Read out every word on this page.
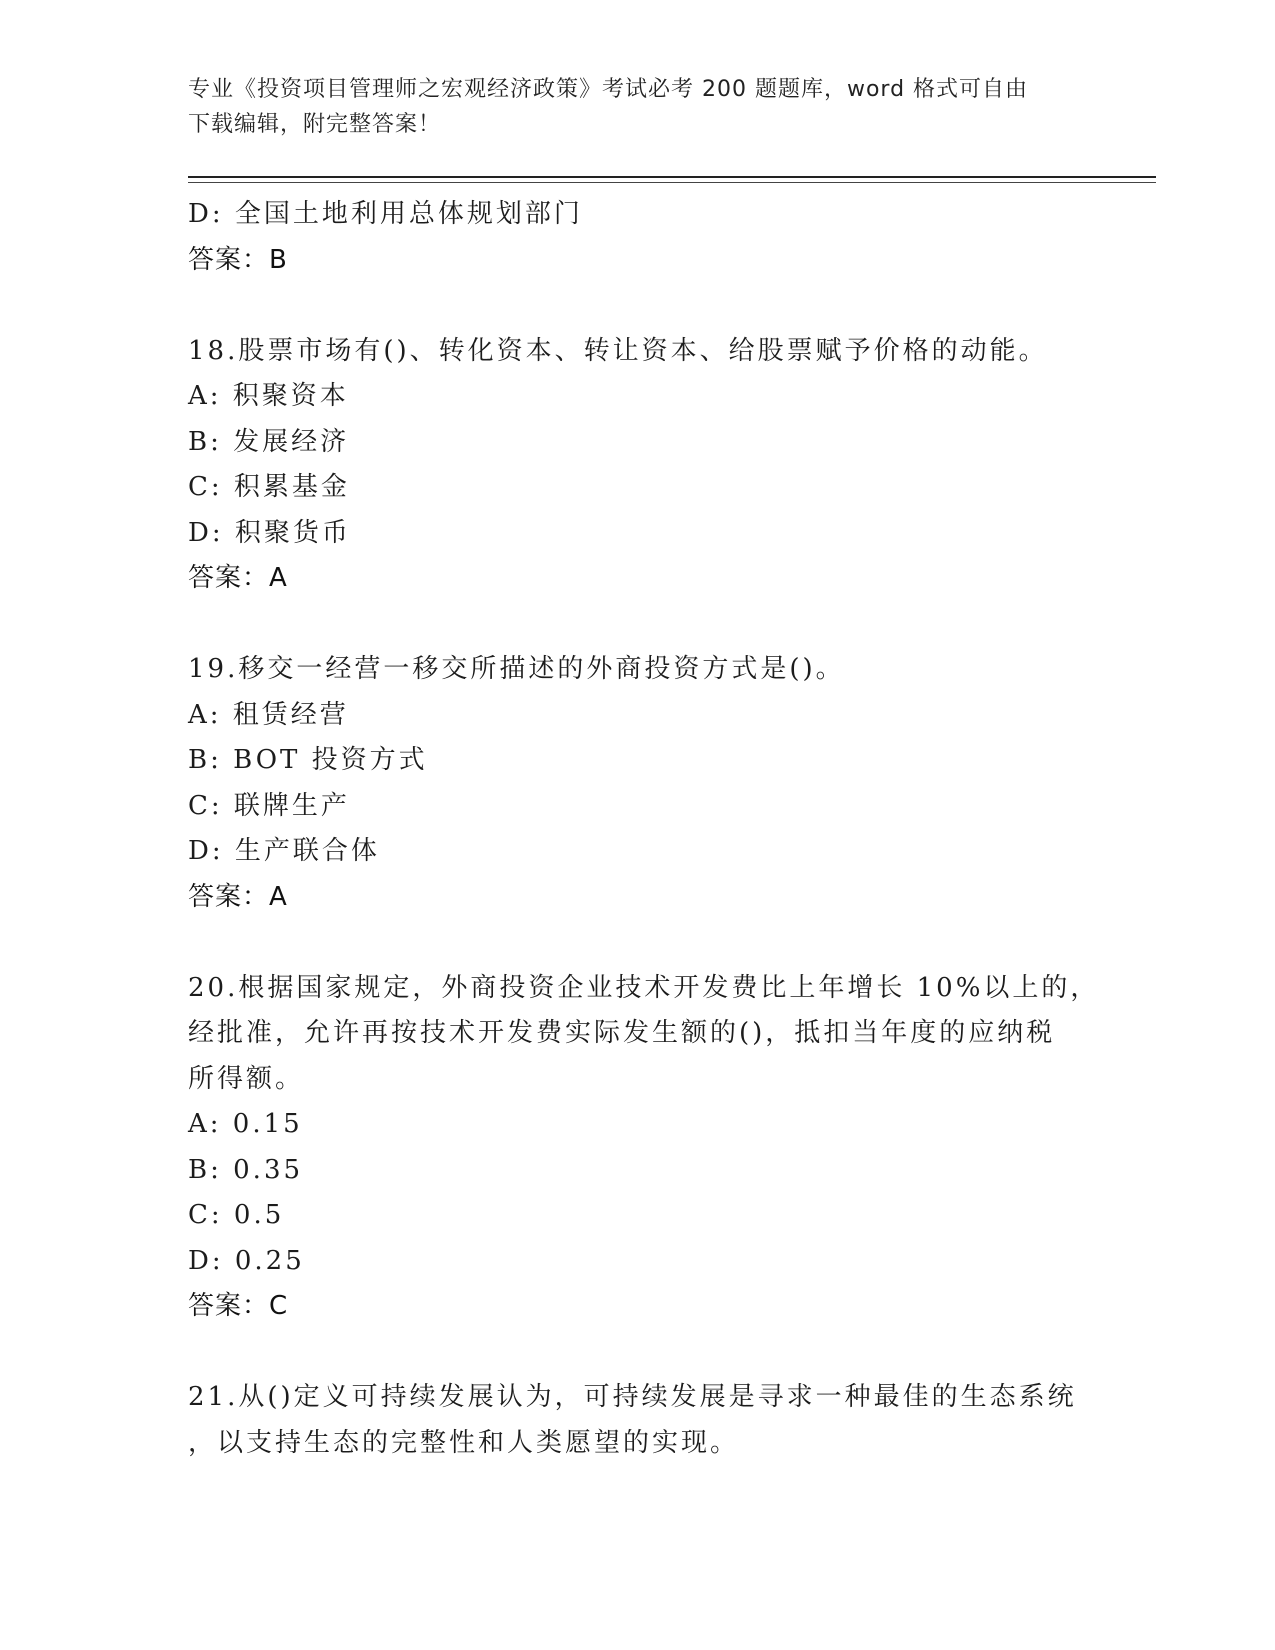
专业《投资项目管理师之宏观经济政策》考试必考 200 题题库，word 格式可自由
下载编辑，附完整答案！
D: 全国土地利用总体规划部门
答案：B
18.股票市场有()、转化资本、转让资本、给股票赋予价格的动能。
A: 积聚资本
B: 发展经济
C: 积累基金
D: 积聚货币
答案：A
19.移交一经营一移交所描述的外商投资方式是()。
A: 租赁经营
B: BOT 投资方式
C: 联牌生产
D: 生产联合体
答案：A
20.根据国家规定，外商投资企业技术开发费比上年增长 10%以上的，
经批准，允许再按技术开发费实际发生额的()，抵扣当年度的应纳税
所得额。
A: 0.15
B: 0.35
C: 0.5
D: 0.25
答案：C
21.从()定义可持续发展认为，可持续发展是寻求一种最佳的生态系统
，以支持生态的完整性和人类愿望的实现。
